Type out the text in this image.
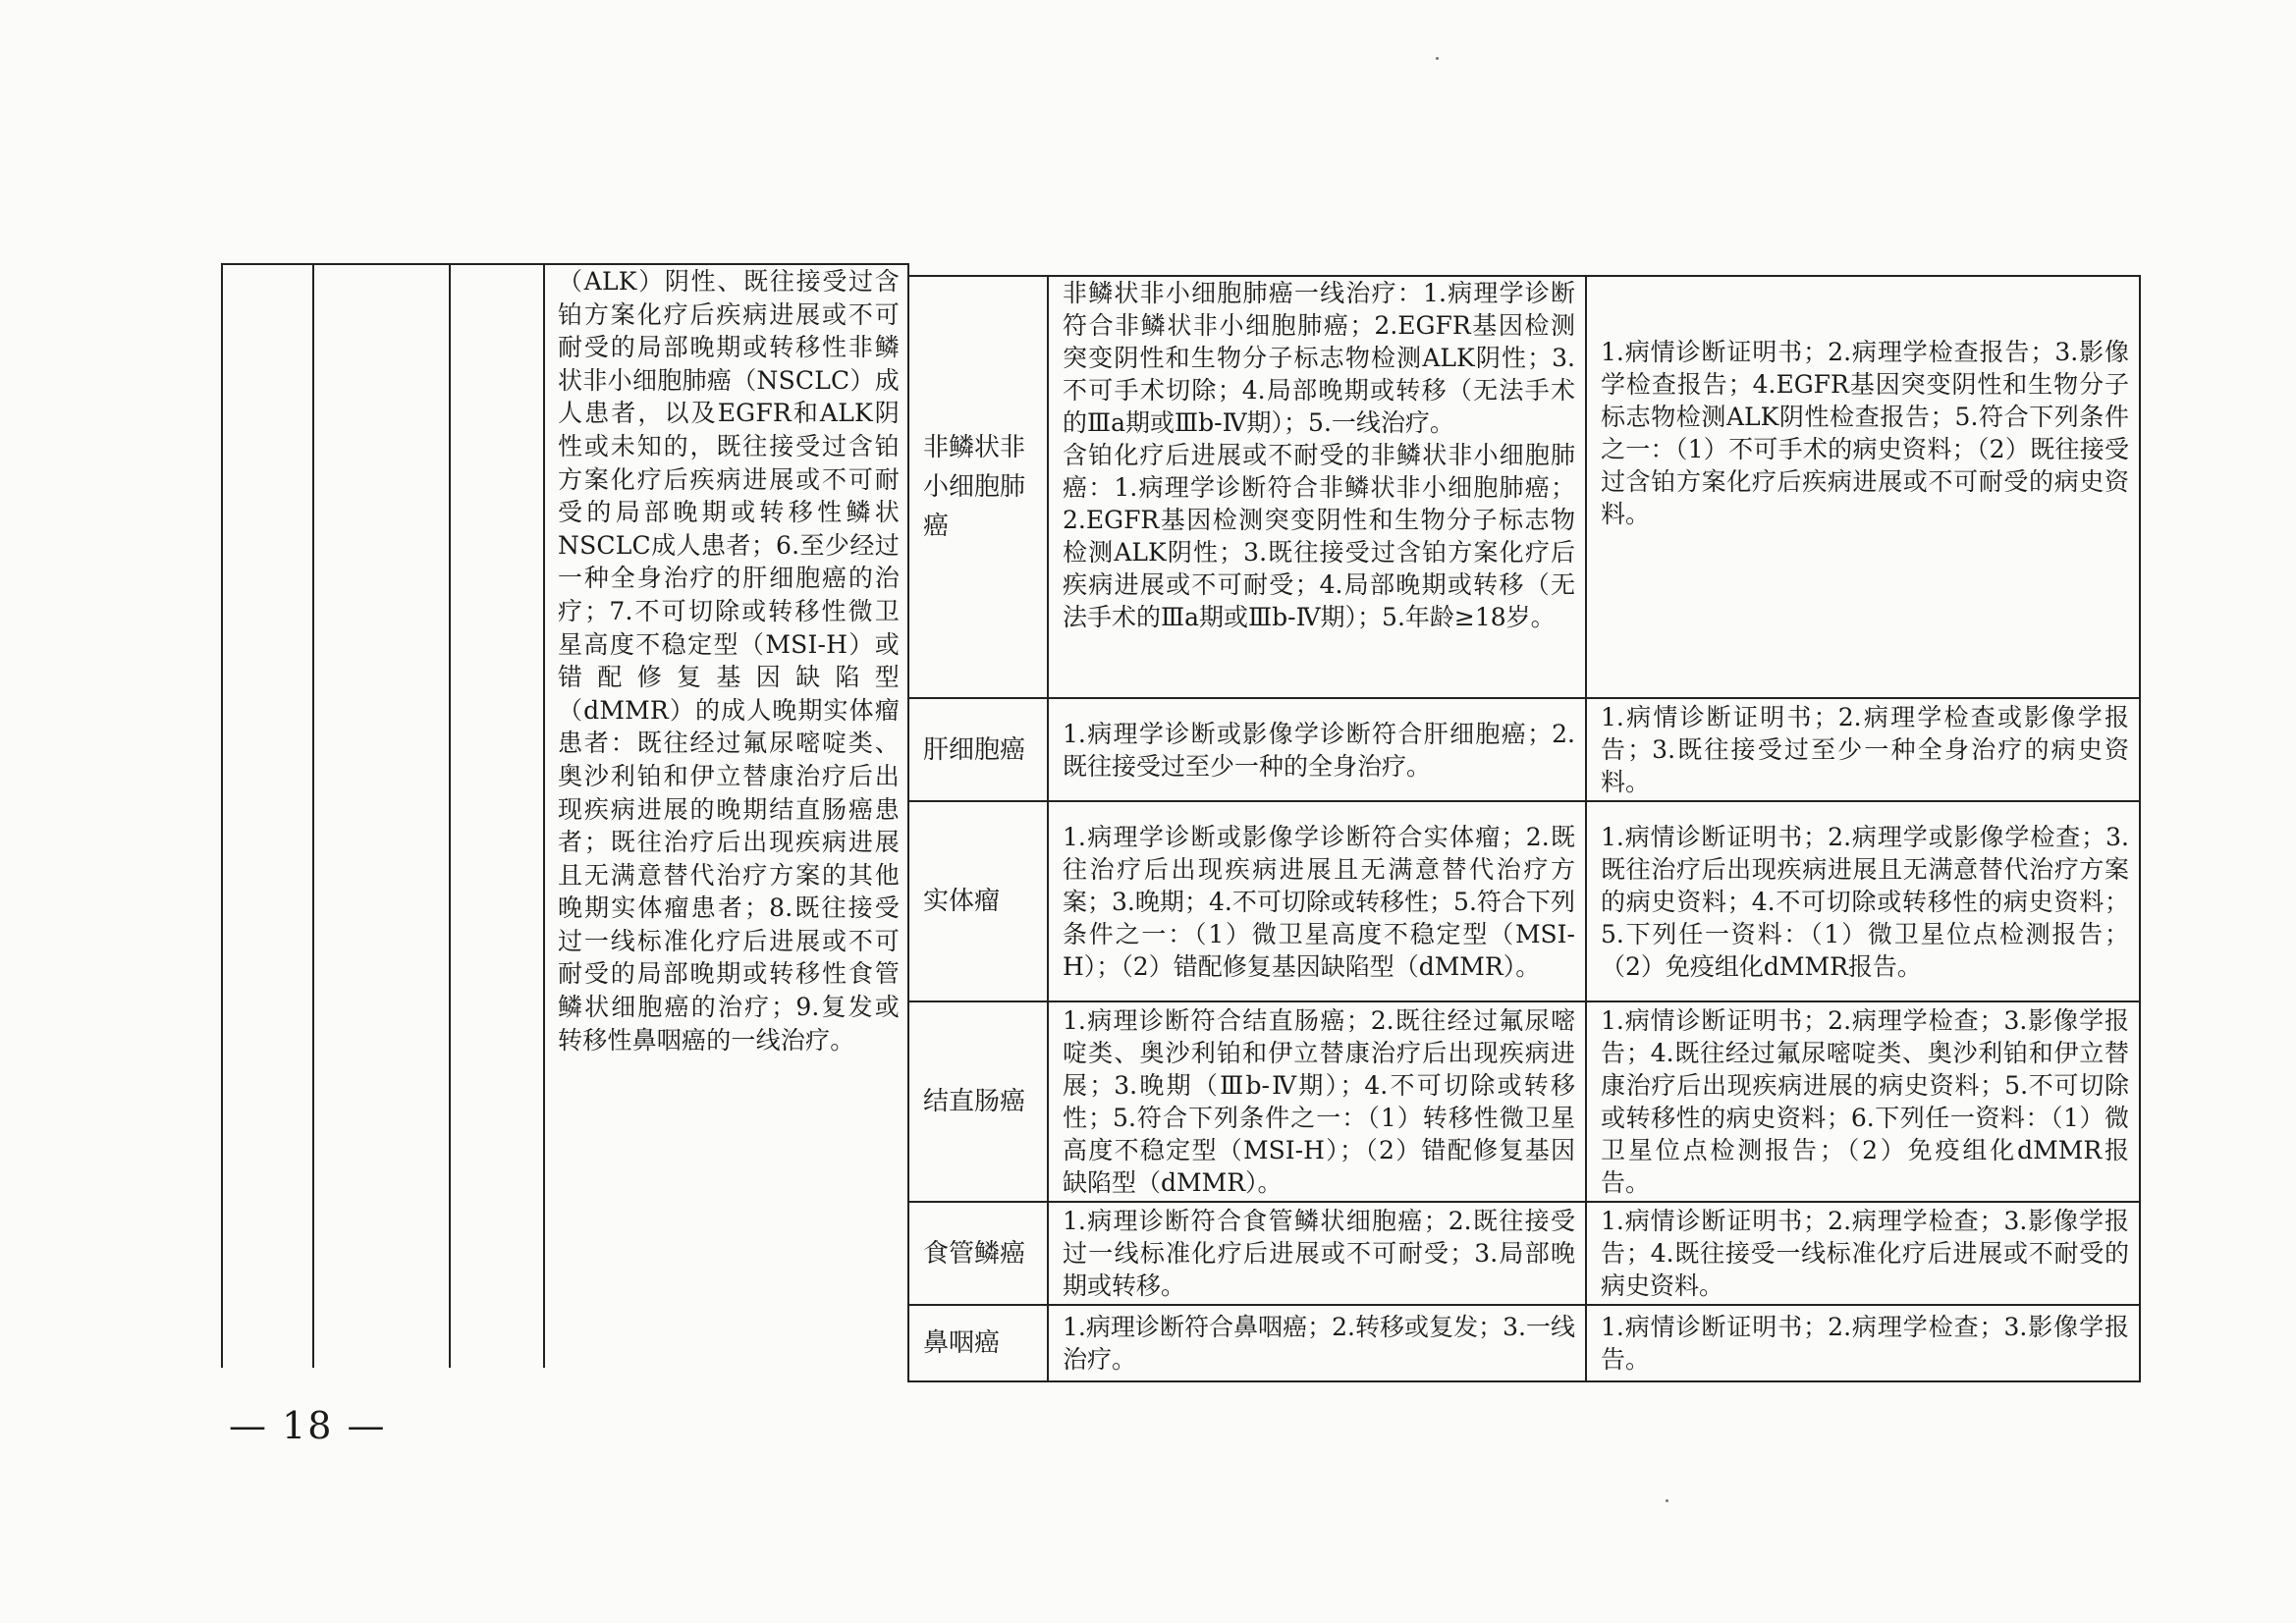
（ALK）阴性、既往接受过含铂方案化疗后疾病进展或不可耐受的局部晚期或转移性非鳞状非小细胞肺癌（NSCLC）成人患者，以及EGFR和ALK阴性或未知的，既往接受过含铂方案化疗后疾病进展或不可耐受的局部晚期或转移性鳞状NSCLC成人患者；6.至少经过一种全身治疗的肝细胞癌的治疗；7.不可切除或转移性微卫星高度不稳定型（MSI-H）或错配修复基因缺陷型（dMMR）的成人晚期实体瘤患者：既往经过氟尿嘧啶类、奥沙利铂和伊立替康治疗后出现疾病进展的晚期结直肠癌患者；既往治疗后出现疾病进展且无满意替代治疗方案的其他晚期实体瘤患者；8.既往接受过一线标准化疗后进展或不可耐受的局部晚期或转移性食管鳞状细胞癌的治疗；9.复发或转移性鼻咽癌的一线治疗。
非鳞状非小细胞肺癌	非鳞状非小细胞肺癌一线治疗：1.病理学诊断符合非鳞状非小细胞肺癌；2.EGFR基因检测突变阴性和生物分子标志物检测ALK阴性；3.不可手术切除；4.局部晚期或转移（无法手术的Ⅲa期或Ⅲb-Ⅳ期）；5.一线治疗。
含铂化疗后进展或不耐受的非鳞状非小细胞肺癌：1.病理学诊断符合非鳞状非小细胞肺癌；2.EGFR基因检测突变阴性和生物分子标志物检测ALK阴性；3.既往接受过含铂方案化疗后疾病进展或不可耐受；4.局部晚期或转移（无法手术的Ⅲa期或Ⅲb-Ⅳ期）；5.年龄≥18岁。	1.病情诊断证明书；2.病理学检查报告；3.影像学检查报告；4.EGFR基因突变阴性和生物分子标志物检测ALK阴性检查报告；5.符合下列条件之一：（1）不可手术的病史资料；（2）既往接受过含铂方案化疗后疾病进展或不可耐受的病史资料。
肝细胞癌	1.病理学诊断或影像学诊断符合肝细胞癌；2.既往接受过至少一种的全身治疗。	1.病情诊断证明书；2.病理学检查或影像学报告；3.既往接受过至少一种全身治疗的病史资料。
实体瘤	1.病理学诊断或影像学诊断符合实体瘤；2.既往治疗后出现疾病进展且无满意替代治疗方案；3.晚期；4.不可切除或转移性；5.符合下列条件之一：（1）微卫星高度不稳定型（MSI-H）；（2）错配修复基因缺陷型（dMMR）。	1.病情诊断证明书；2.病理学或影像学检查；3.既往治疗后出现疾病进展且无满意替代治疗方案的病史资料；4.不可切除或转移性的病史资料；5.下列任一资料：（1）微卫星位点检测报告；（2）免疫组化dMMR报告。
结直肠癌	1.病理诊断符合结直肠癌；2.既往经过氟尿嘧啶类、奥沙利铂和伊立替康治疗后出现疾病进展；3.晚期（Ⅲb-Ⅳ期）；4.不可切除或转移性；5.符合下列条件之一：（1）转移性微卫星高度不稳定型（MSI-H）；（2）错配修复基因缺陷型（dMMR）。	1.病情诊断证明书；2.病理学检查；3.影像学报告；4.既往经过氟尿嘧啶类、奥沙利铂和伊立替康治疗后出现疾病进展的病史资料；5.不可切除或转移性的病史资料；6.下列任一资料：（1）微卫星位点检测报告；（2）免疫组化dMMR报告。
食管鳞癌	1.病理诊断符合食管鳞状细胞癌；2.既往接受过一线标准化疗后进展或不可耐受；3.局部晚期或转移。	1.病情诊断证明书；2.病理学检查；3.影像学报告；4.既往接受一线标准化疗后进展或不耐受的病史资料。
鼻咽癌	1.病理诊断符合鼻咽癌；2.转移或复发；3.一线治疗。	1.病情诊断证明书；2.病理学检查；3.影像学报告。
— 18 —
